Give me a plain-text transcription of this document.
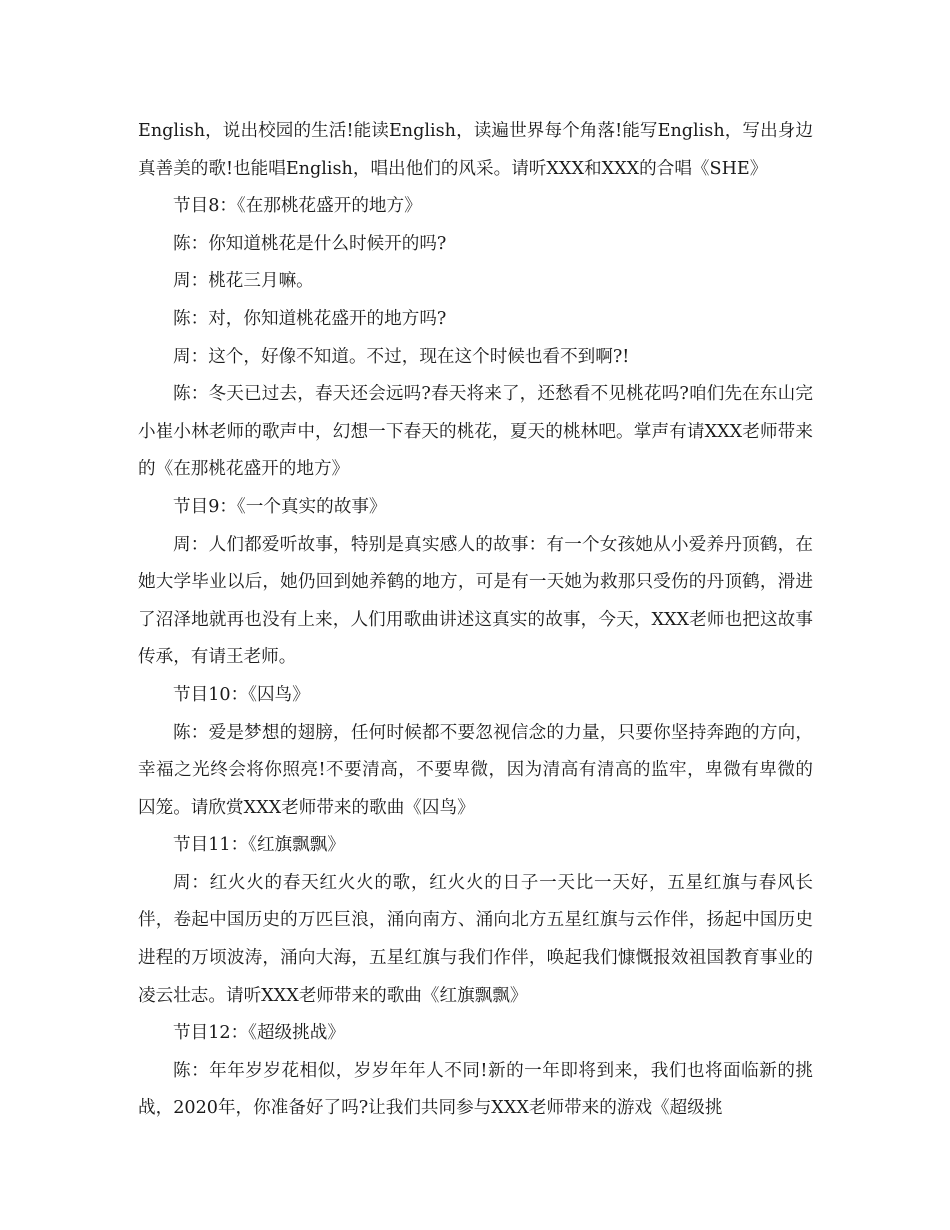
English，说出校园的生活!能读English，读遍世界每个角落!能写English，写出身边真善美的歌!也能唱English，唱出他们的风采。请听XXX和XXX的合唱《SHE》

节目8：《在那桃花盛开的地方》

陈：你知道桃花是什么时候开的吗?

周：桃花三月嘛。

陈：对，你知道桃花盛开的地方吗?

周：这个，好像不知道。不过，现在这个时候也看不到啊?!

陈：冬天已过去，春天还会远吗?春天将来了，还愁看不见桃花吗?咱们先在东山完小崔小林老师的歌声中，幻想一下春天的桃花，夏天的桃林吧。掌声有请XXX老师带来的《在那桃花盛开的地方》

节目9：《一个真实的故事》

周：人们都爱听故事，特别是真实感人的故事：有一个女孩她从小爱养丹顶鹤，在她大学毕业以后，她仍回到她养鹤的地方，可是有一天她为救那只受伤的丹顶鹤，滑进了沼泽地就再也没有上来，人们用歌曲讲述这真实的故事，今天，XXX老师也把这故事传承，有请王老师。

节目10：《囚鸟》

陈：爱是梦想的翅膀，任何时候都不要忽视信念的力量，只要你坚持奔跑的方向，幸福之光终会将你照亮!不要清高，不要卑微，因为清高有清高的监牢，卑微有卑微的囚笼。请欣赏XXX老师带来的歌曲《囚鸟》

节目11：《红旗飘飘》

周：红火火的春天红火火的歌，红火火的日子一天比一天好，五星红旗与春风长伴，卷起中国历史的万匹巨浪，涌向南方、涌向北方五星红旗与云作伴，扬起中国历史进程的万顷波涛，涌向大海，五星红旗与我们作伴，唤起我们慷慨报效祖国教育事业的凌云壮志。请听XXX老师带来的歌曲《红旗飘飘》

节目12：《超级挑战》

陈：年年岁岁花相似，岁岁年年人不同!新的一年即将到来，我们也将面临新的挑战，2020年，你准备好了吗?让我们共同参与XXX老师带来的游戏《超级挑
